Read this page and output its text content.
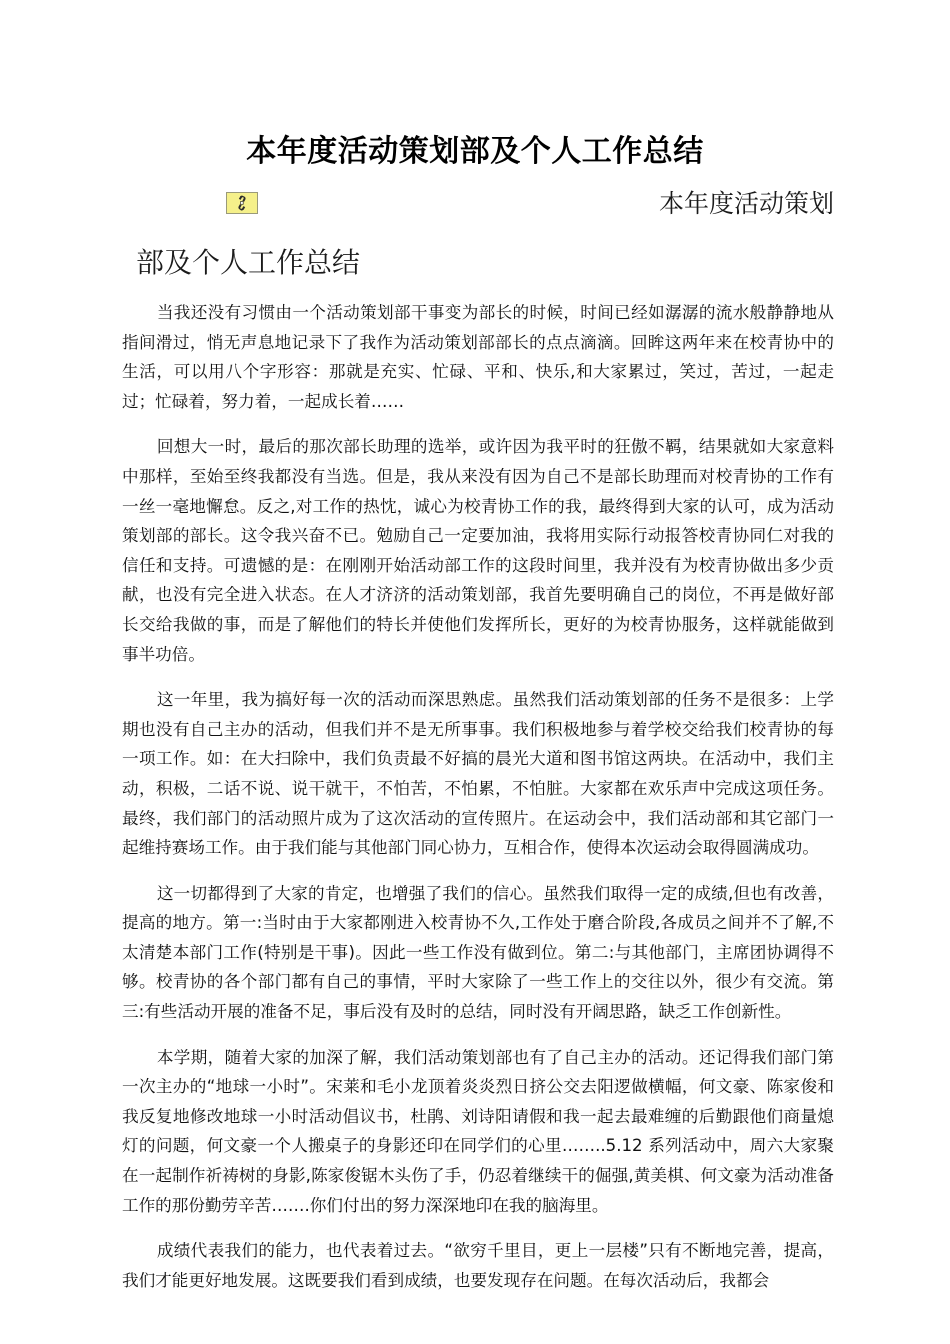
本年度活动策划部及个人工作总结
本年度活动策划
部及个人工作总结

当我还没有习惯由一个活动策划部干事变为部长的时候，时间已经如潺潺的流水般静静地从指间滑过，悄无声息地记录下了我作为活动策划部部长的点点滴滴。回眸这两年来在校青协中的生活，可以用八个字形容：那就是充实、忙碌、平和、快乐,和大家累过，笑过，苦过，一起走过；忙碌着，努力着，一起成长着……

回想大一时，最后的那次部长助理的选举，或许因为我平时的狂傲不羁，结果就如大家意料中那样，至始至终我都没有当选。但是，我从来没有因为自己不是部长助理而对校青协的工作有一丝一毫地懈怠。反之,对工作的热忱，诚心为校青协工作的我，最终得到大家的认可，成为活动策划部的部长。这令我兴奋不已。勉励自己一定要加油，我将用实际行动报答校青协同仁对我的信任和支持。可遗憾的是：在刚刚开始活动部工作的这段时间里，我并没有为校青协做出多少贡献，也没有完全进入状态。在人才济济的活动策划部，我首先要明确自己的岗位，不再是做好部长交给我做的事，而是了解他们的特长并使他们发挥所长，更好的为校青协服务，这样就能做到事半功倍。

这一年里，我为搞好每一次的活动而深思熟虑。虽然我们活动策划部的任务不是很多：上学期也没有自己主办的活动，但我们并不是无所事事。我们积极地参与着学校交给我们校青协的每一项工作。如：在大扫除中，我们负责最不好搞的晨光大道和图书馆这两块。在活动中，我们主动，积极，二话不说、说干就干，不怕苦，不怕累，不怕脏。大家都在欢乐声中完成这项任务。最终，我们部门的活动照片成为了这次活动的宣传照片。在运动会中，我们活动部和其它部门一起维持赛场工作。由于我们能与其他部门同心协力，互相合作，使得本次运动会取得圆满成功。

这一切都得到了大家的肯定，也增强了我们的信心。虽然我们取得一定的成绩,但也有改善，提高的地方。第一:当时由于大家都刚进入校青协不久,工作处于磨合阶段,各成员之间并不了解,不太清楚本部门工作(特别是干事)。因此一些工作没有做到位。第二:与其他部门，主席团协调得不够。校青协的各个部门都有自己的事情，平时大家除了一些工作上的交往以外，很少有交流。第三:有些活动开展的准备不足，事后没有及时的总结，同时没有开阔思路，缺乏工作创新性。

本学期，随着大家的加深了解，我们活动策划部也有了自己主办的活动。还记得我们部门第一次主办的“地球一小时”。宋莱和毛小龙顶着炎炎烈日挤公交去阳逻做横幅，何文豪、陈家俊和我反复地修改地球一小时活动倡议书，杜鹃、刘诗阳请假和我一起去最难缠的后勤跟他们商量熄灯的问题，何文豪一个人搬桌子的身影还印在同学们的心里……..5.12 系列活动中，周六大家聚在一起制作祈祷树的身影,陈家俊锯木头伤了手，仍忍着继续干的倔强,黄美棋、何文豪为活动准备工作的那份勤劳辛苦…….你们付出的努力深深地印在我的脑海里。

成绩代表我们的能力，也代表着过去。“欲穷千里目，更上一层楼”只有不断地完善，提高，我们才能更好地发展。这既要我们看到成绩，也要发现存在问题。在每次活动后，我都会
